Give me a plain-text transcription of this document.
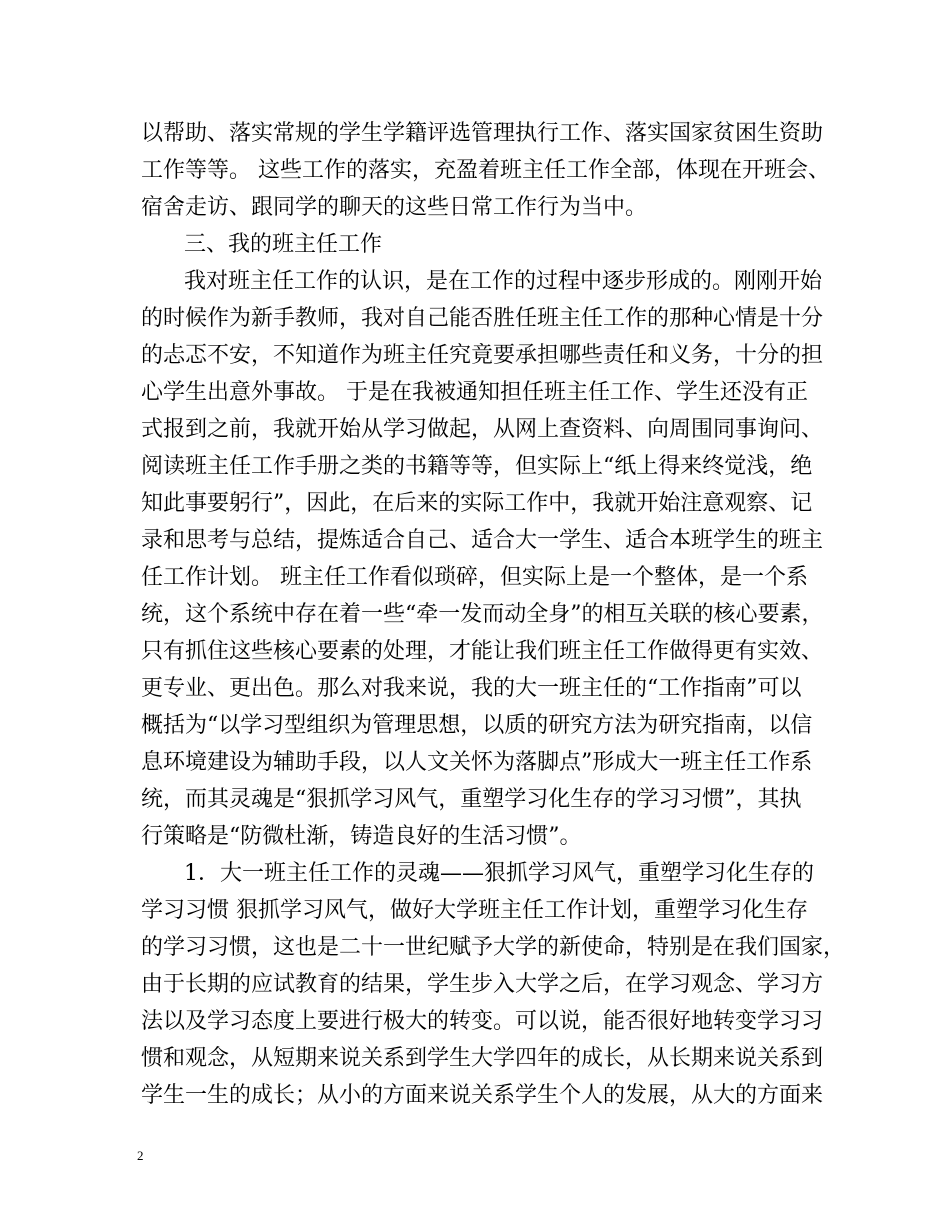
以帮助、落实常规的学生学籍评选管理执行工作、落实国家贫困生资助
工作等等。 这些工作的落实，充盈着班主任工作全部，体现在开班会、
宿舍走访、跟同学的聊天的这些日常工作行为当中。
三、我的班主任工作
我对班主任工作的认识，是在工作的过程中逐步形成的。刚刚开始
的时候作为新手教师，我对自己能否胜任班主任工作的那种心情是十分
的忐忑不安，不知道作为班主任究竟要承担哪些责任和义务，十分的担
心学生出意外事故。 于是在我被通知担任班主任工作、学生还没有正
式报到之前，我就开始从学习做起，从网上查资料、向周围同事询问、
阅读班主任工作手册之类的书籍等等，但实际上“纸上得来终觉浅，绝
知此事要躬行”，因此，在后来的实际工作中，我就开始注意观察、记
录和思考与总结，提炼适合自己、适合大一学生、适合本班学生的班主
任工作计划。 班主任工作看似琐碎，但实际上是一个整体，是一个系
统，这个系统中存在着一些“牵一发而动全身”的相互关联的核心要素，
只有抓住这些核心要素的处理，才能让我们班主任工作做得更有实效、
更专业、更出色。那么对我来说，我的大一班主任的“工作指南”可以
概括为“以学习型组织为管理思想，以质的研究方法为研究指南，以信
息环境建设为辅助手段，以人文关怀为落脚点”形成大一班主任工作系
统，而其灵魂是“狠抓学习风气，重塑学习化生存的学习习惯”，其执
行策略是“防微杜渐，铸造良好的生活习惯”。
1．大一班主任工作的灵魂——狠抓学习风气，重塑学习化生存的
学习习惯 狠抓学习风气，做好大学班主任工作计划，重塑学习化生存
的学习习惯，这也是二十一世纪赋予大学的新使命，特别是在我们国家，
由于长期的应试教育的结果，学生步入大学之后，在学习观念、学习方
法以及学习态度上要进行极大的转变。可以说，能否很好地转变学习习
惯和观念，从短期来说关系到学生大学四年的成长，从长期来说关系到
学生一生的成长；从小的方面来说关系学生个人的发展，从大的方面来
2
